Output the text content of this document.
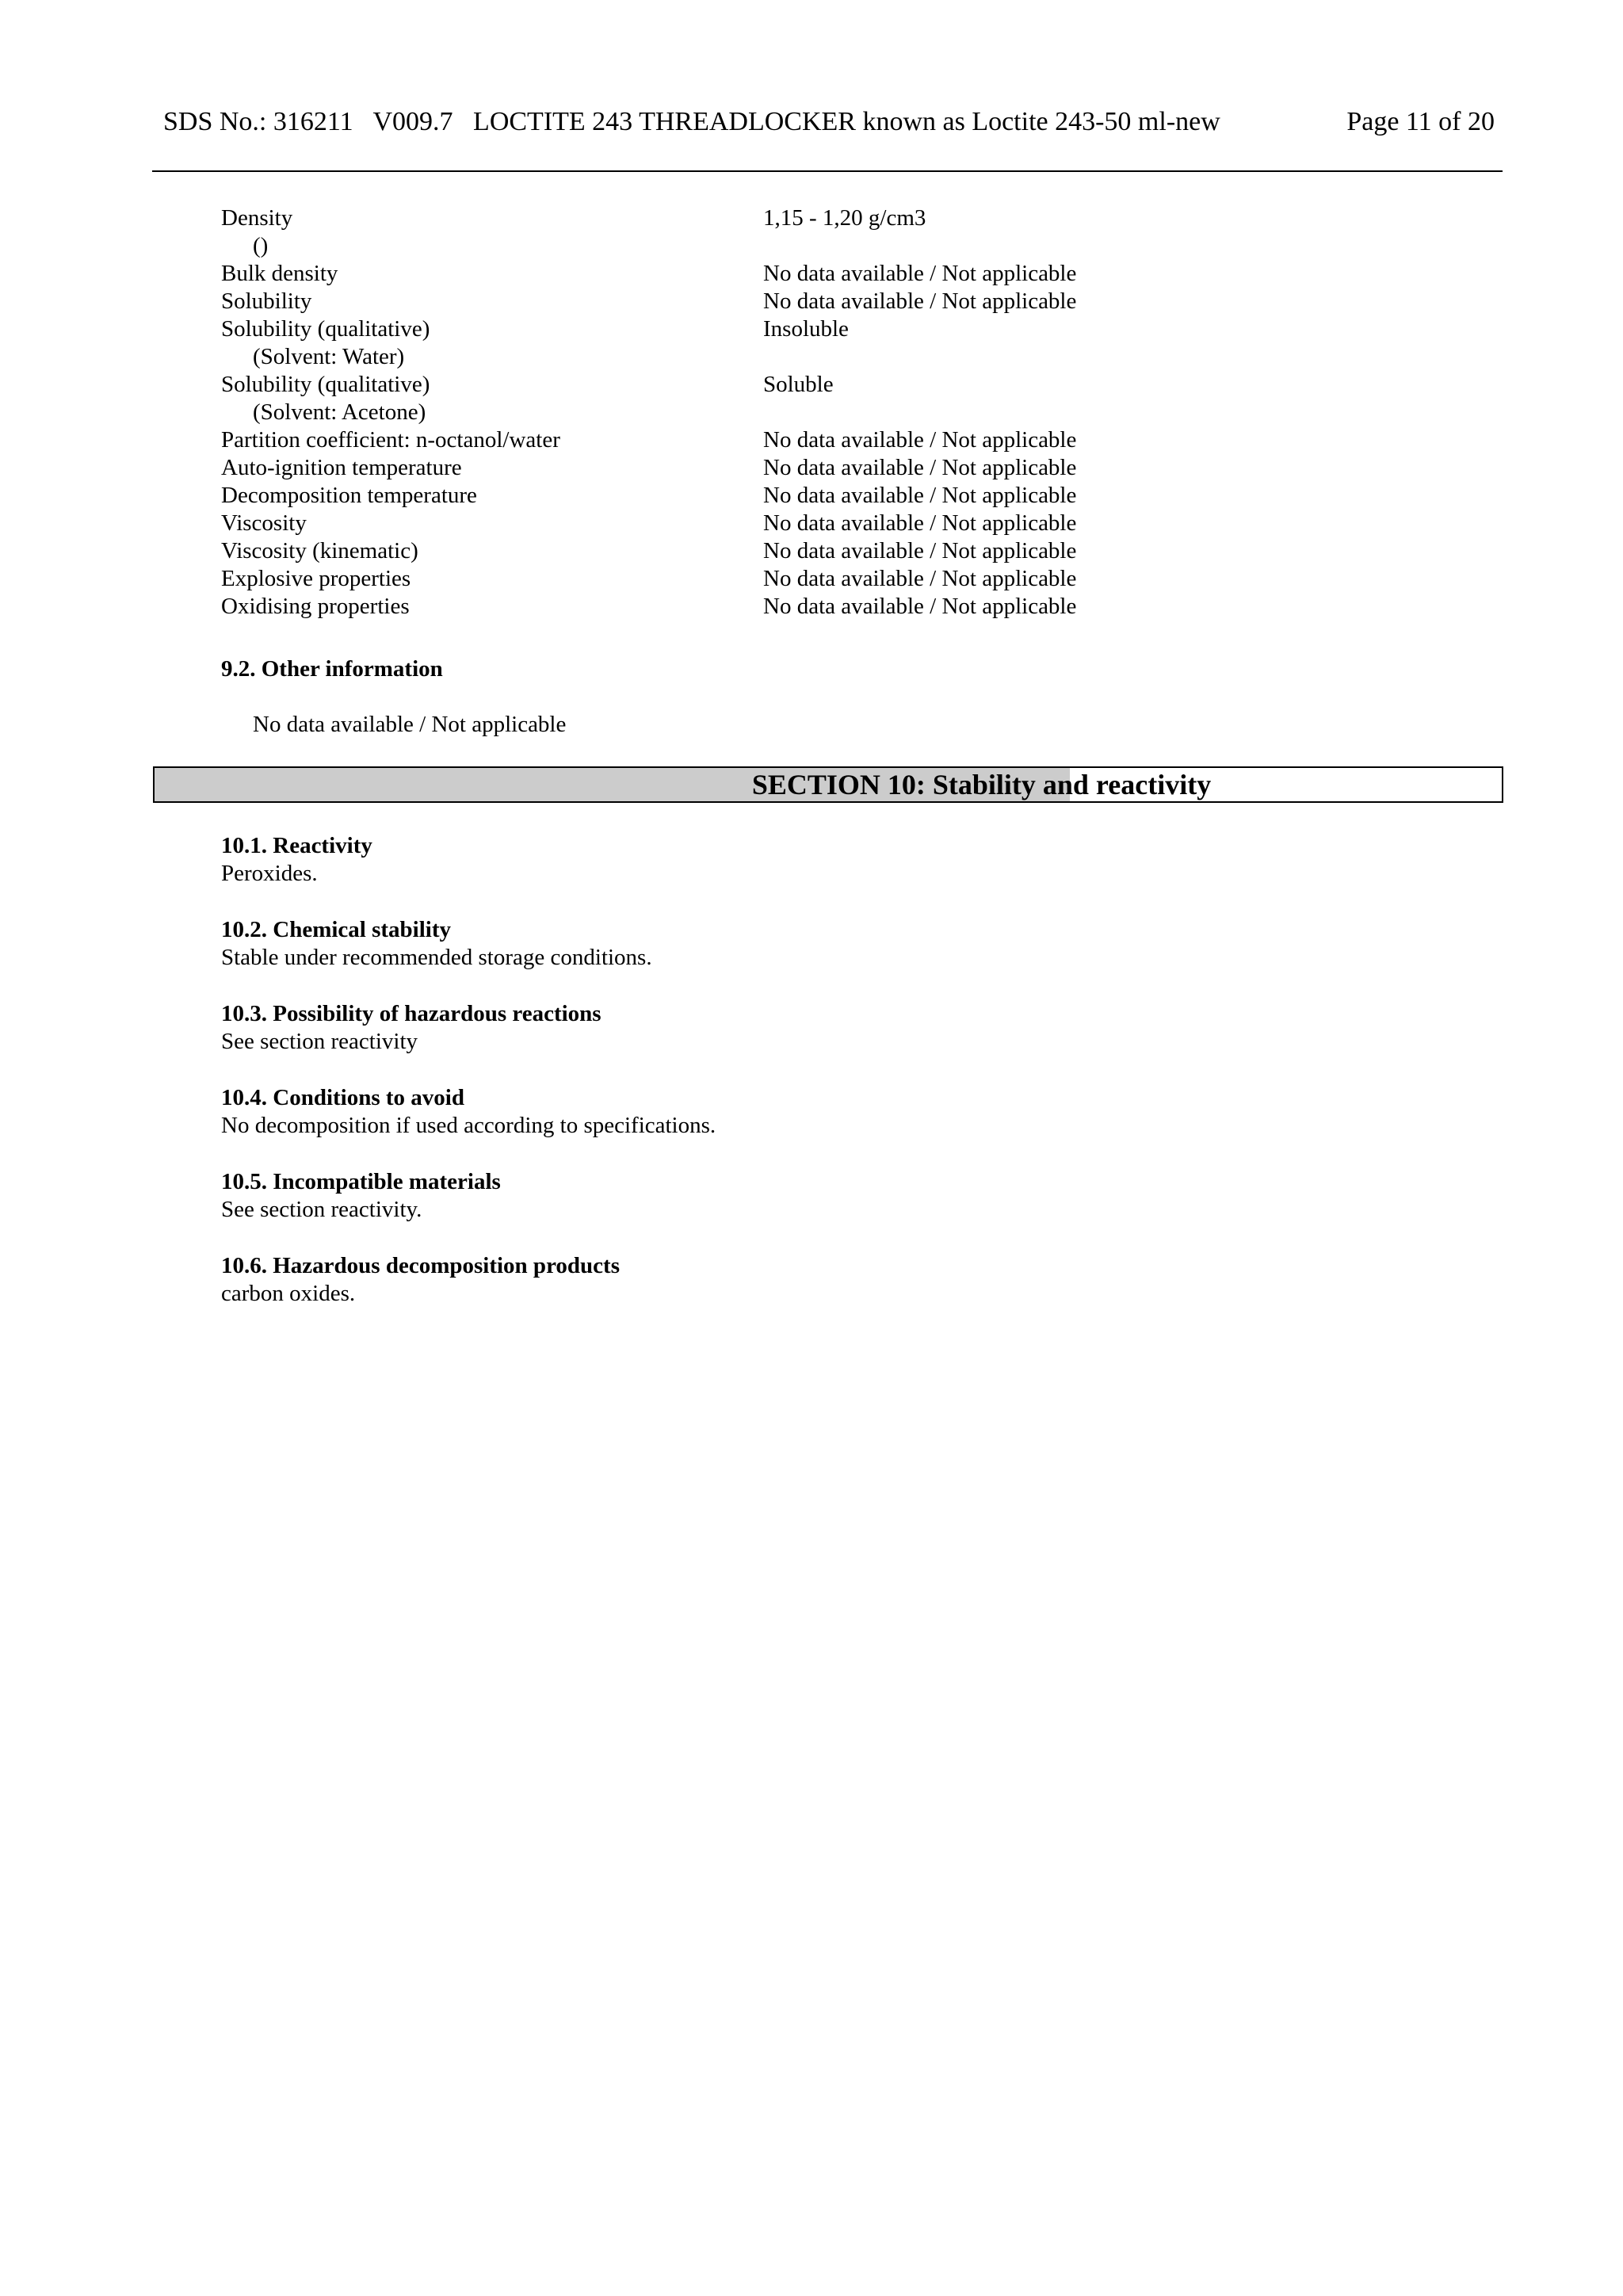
SDS No.: 316211   V009.7   LOCTITE 243 THREADLOCKER known as Loctite 243-50 ml-new	Page 11 of 20
Density	1,15 - 1,20 g/cm3
()
Bulk density	No data available / Not applicable
Solubility	No data available / Not applicable
Solubility (qualitative)	Insoluble
(Solvent: Water)
Solubility (qualitative)	Soluble
(Solvent: Acetone)
Partition coefficient: n-octanol/water	No data available / Not applicable
Auto-ignition temperature	No data available / Not applicable
Decomposition temperature	No data available / Not applicable
Viscosity	No data available / Not applicable
Viscosity (kinematic)	No data available / Not applicable
Explosive properties	No data available / Not applicable
Oxidising properties	No data available / Not applicable
9.2. Other information
No data available / Not applicable
SECTION 10: Stability and reactivity
10.1. Reactivity
Peroxides.
10.2. Chemical stability
Stable under recommended storage conditions.
10.3. Possibility of hazardous reactions
See section reactivity
10.4. Conditions to avoid
No decomposition if used according to specifications.
10.5. Incompatible materials
See section reactivity.
10.6. Hazardous decomposition products
carbon oxides.
